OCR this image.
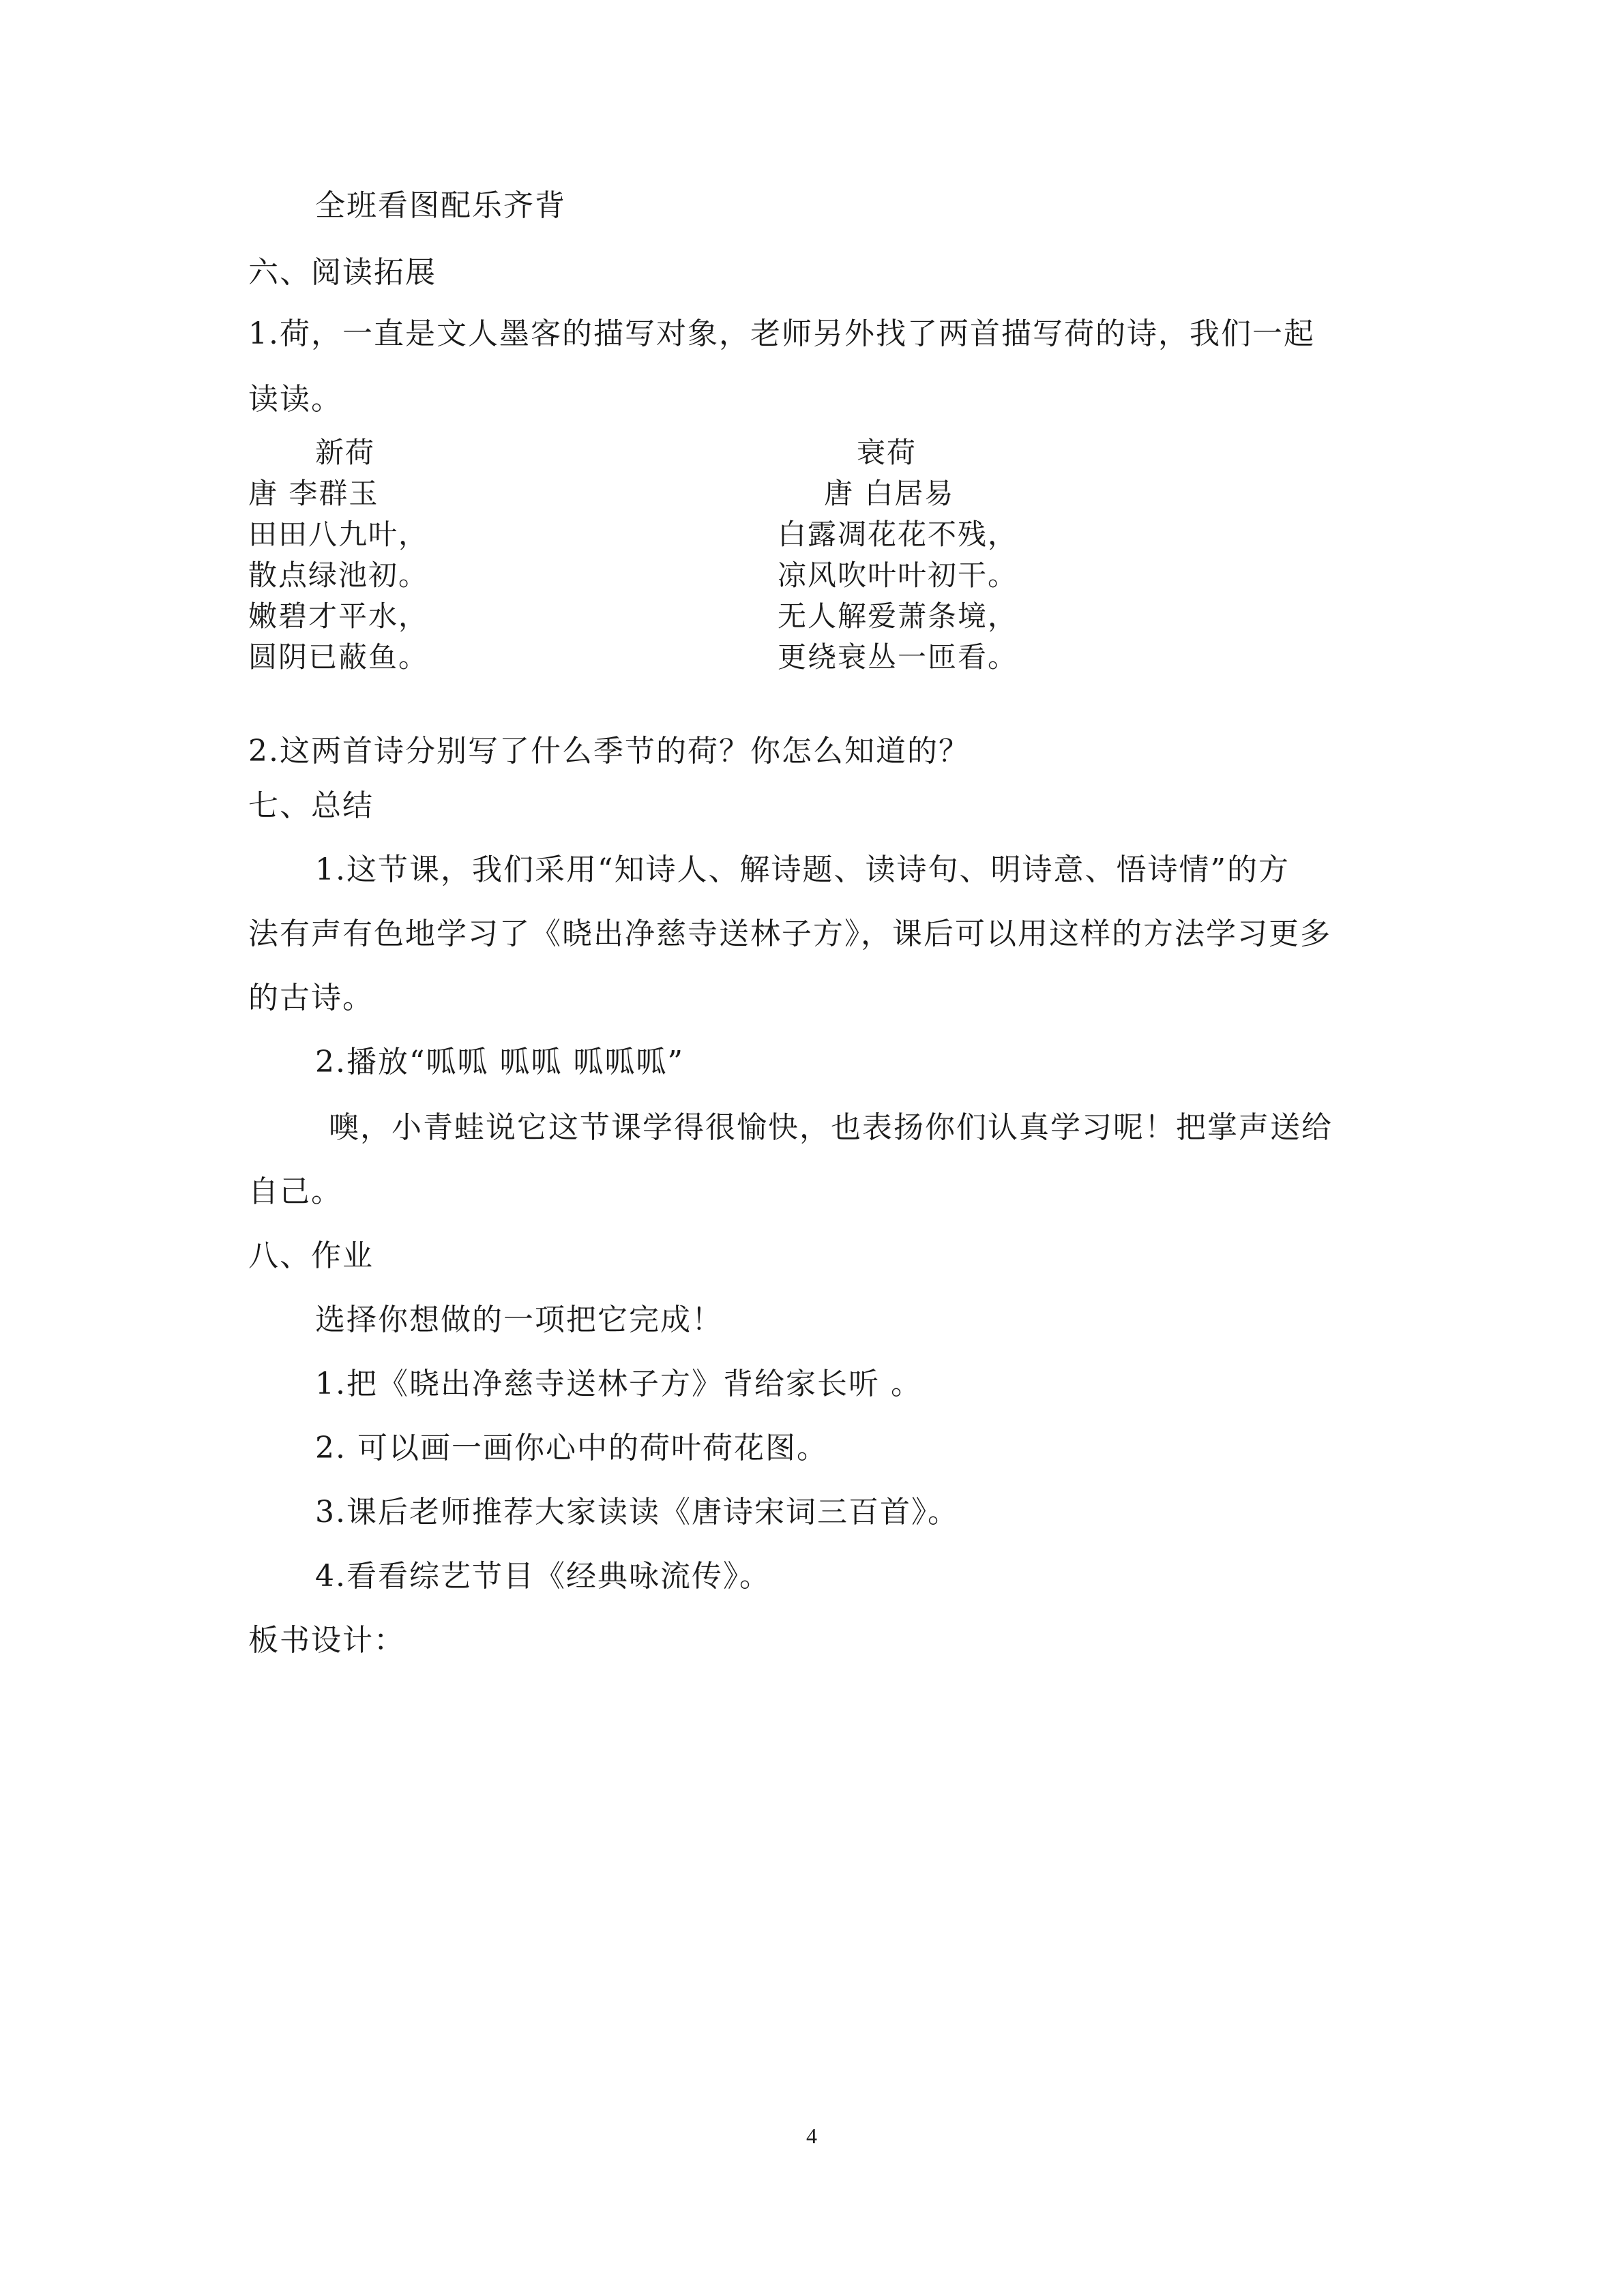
全班看图配乐齐背
六、阅读拓展
1.荷，一直是文人墨客的描写对象，老师另外找了两首描写荷的诗，我们一起
读读。
新荷
唐 李群玉
田田八九叶，
散点绿池初。
嫩碧才平水，
圆阴已蔽鱼。
衰荷
唐 白居易
白露凋花花不残，
凉风吹叶叶初干。
无人解爱萧条境，
更绕衰丛一匝看。
2.这两首诗分别写了什么季节的荷？你怎么知道的？
七、总结
1.这节课，我们采用“知诗人、解诗题、读诗句、明诗意、悟诗情”的方
法有声有色地学习了《晓出净慈寺送林子方》，课后可以用这样的方法学习更多
的古诗。
2.播放“呱呱 呱呱 呱呱呱”
噢，小青蛙说它这节课学得很愉快，也表扬你们认真学习呢！把掌声送给
自己。
八、作业
选择你想做的一项把它完成！
1.把《晓出净慈寺送林子方》背给家长听 。
2. 可以画一画你心中的荷叶荷花图。
3.课后老师推荐大家读读《唐诗宋词三百首》。
4.看看综艺节目《经典咏流传》。
板书设计：
4
